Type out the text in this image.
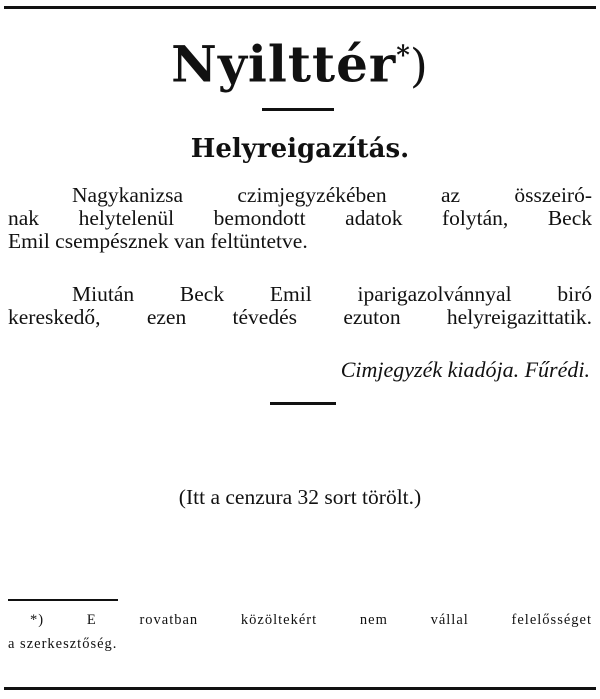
Nyilttér*)
Helyreigazítás.
Nagykanizsa czimjegyzékében az összeiró-
nak helytelenül bemondott adatok folytán, Beck
Emil csempésznek van feltüntetve.
Miután Beck Emil iparigazolvánnyal biró
kereskedő, ezen tévedés ezuton helyreigazittatik.
Cimjegyzék kiadója. Fűrédi.
(Itt a cenzura 32 sort törölt.)
*)	E rovatban közöltekért nem vállal felelősséget
a szerkesztőség.
